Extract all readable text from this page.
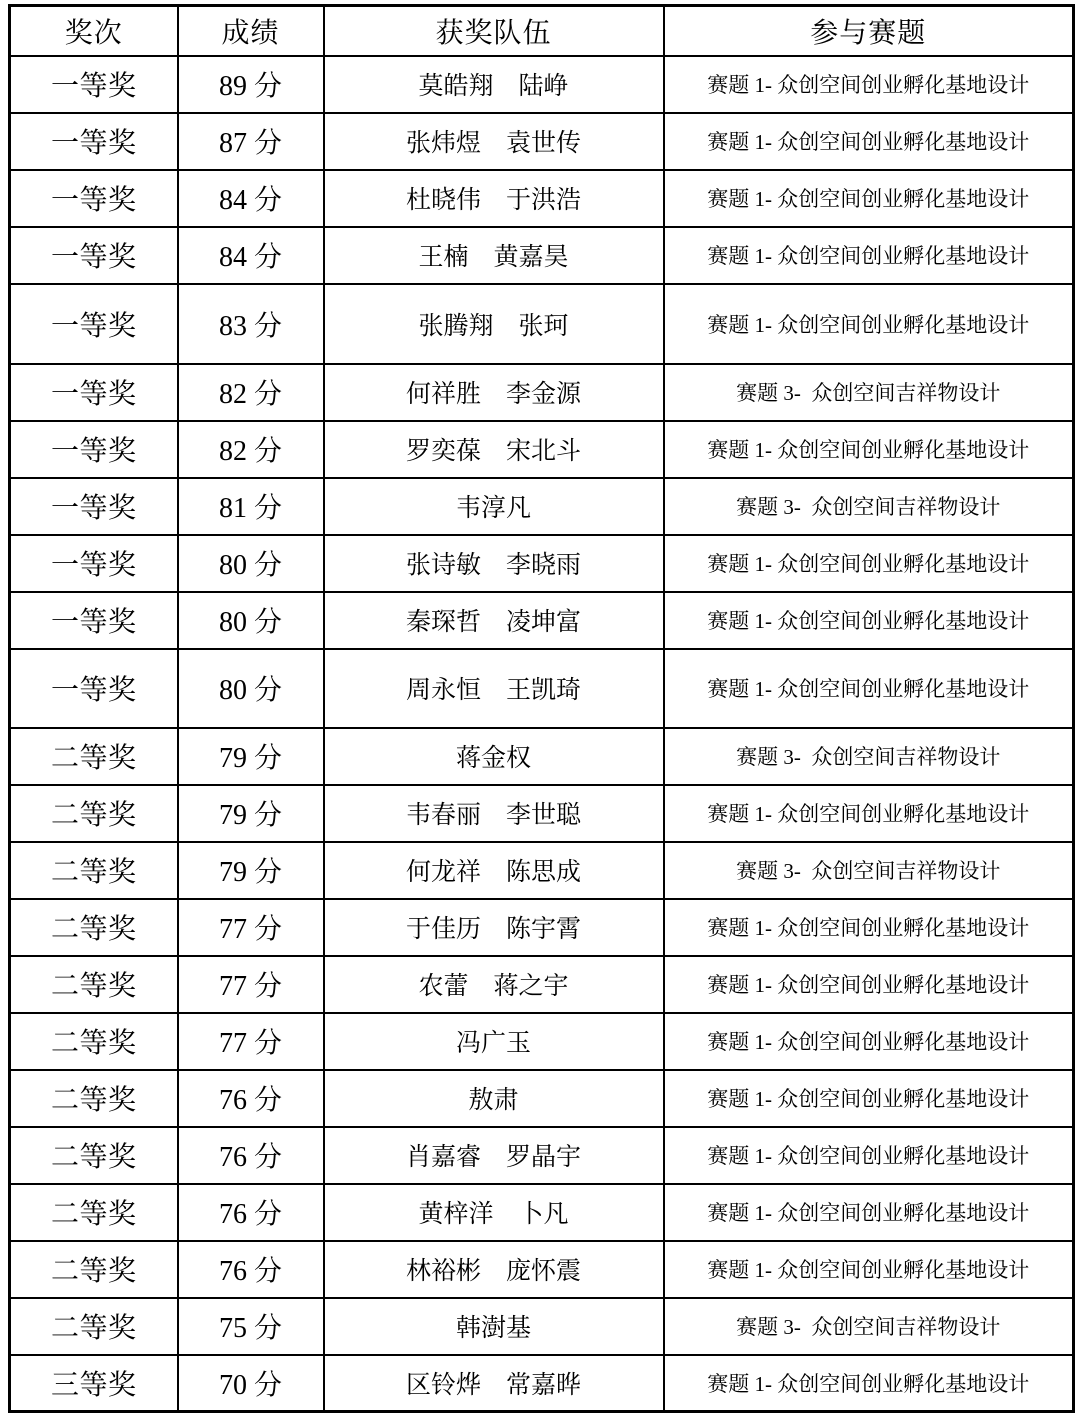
奖次	成绩	获奖队伍	参与赛题
一等奖	89 分	莫皓翔　陆峥	赛题 1- 众创空间创业孵化基地设计
一等奖	87 分	张炜煜　袁世传	赛题 1- 众创空间创业孵化基地设计
一等奖	84 分	杜晓伟　于洪浩	赛题 1- 众创空间创业孵化基地设计
一等奖	84 分	王楠　黄嘉昊	赛题 1- 众创空间创业孵化基地设计
一等奖	83 分	张腾翔　张珂	赛题 1- 众创空间创业孵化基地设计
一等奖	82 分	何祥胜　李金源	赛题 3-  众创空间吉祥物设计
一等奖	82 分	罗奕葆　宋北斗	赛题 1- 众创空间创业孵化基地设计
一等奖	81 分	韦淳凡	赛题 3-  众创空间吉祥物设计
一等奖	80 分	张诗敏　李晓雨	赛题 1- 众创空间创业孵化基地设计
一等奖	80 分	秦琛哲　凌坤富	赛题 1- 众创空间创业孵化基地设计
一等奖	80 分	周永恒　王凯琦	赛题 1- 众创空间创业孵化基地设计
二等奖	79 分	蒋金权	赛题 3-  众创空间吉祥物设计
二等奖	79 分	韦春丽　李世聪	赛题 1- 众创空间创业孵化基地设计
二等奖	79 分	何龙祥　陈思成	赛题 3-  众创空间吉祥物设计
二等奖	77 分	于佳历　陈宇霄	赛题 1- 众创空间创业孵化基地设计
二等奖	77 分	农蕾　蒋之宇	赛题 1- 众创空间创业孵化基地设计
二等奖	77 分	冯广玉	赛题 1- 众创空间创业孵化基地设计
二等奖	76 分	敖肃	赛题 1- 众创空间创业孵化基地设计
二等奖	76 分	肖嘉睿　罗晶宇	赛题 1- 众创空间创业孵化基地设计
二等奖	76 分	黄梓洋　卜凡	赛题 1- 众创空间创业孵化基地设计
二等奖	76 分	林裕彬　庞怀震	赛题 1- 众创空间创业孵化基地设计
二等奖	75 分	韩澍基	赛题 3-  众创空间吉祥物设计
三等奖	70 分	区铃烨　常嘉晔	赛题 1- 众创空间创业孵化基地设计
